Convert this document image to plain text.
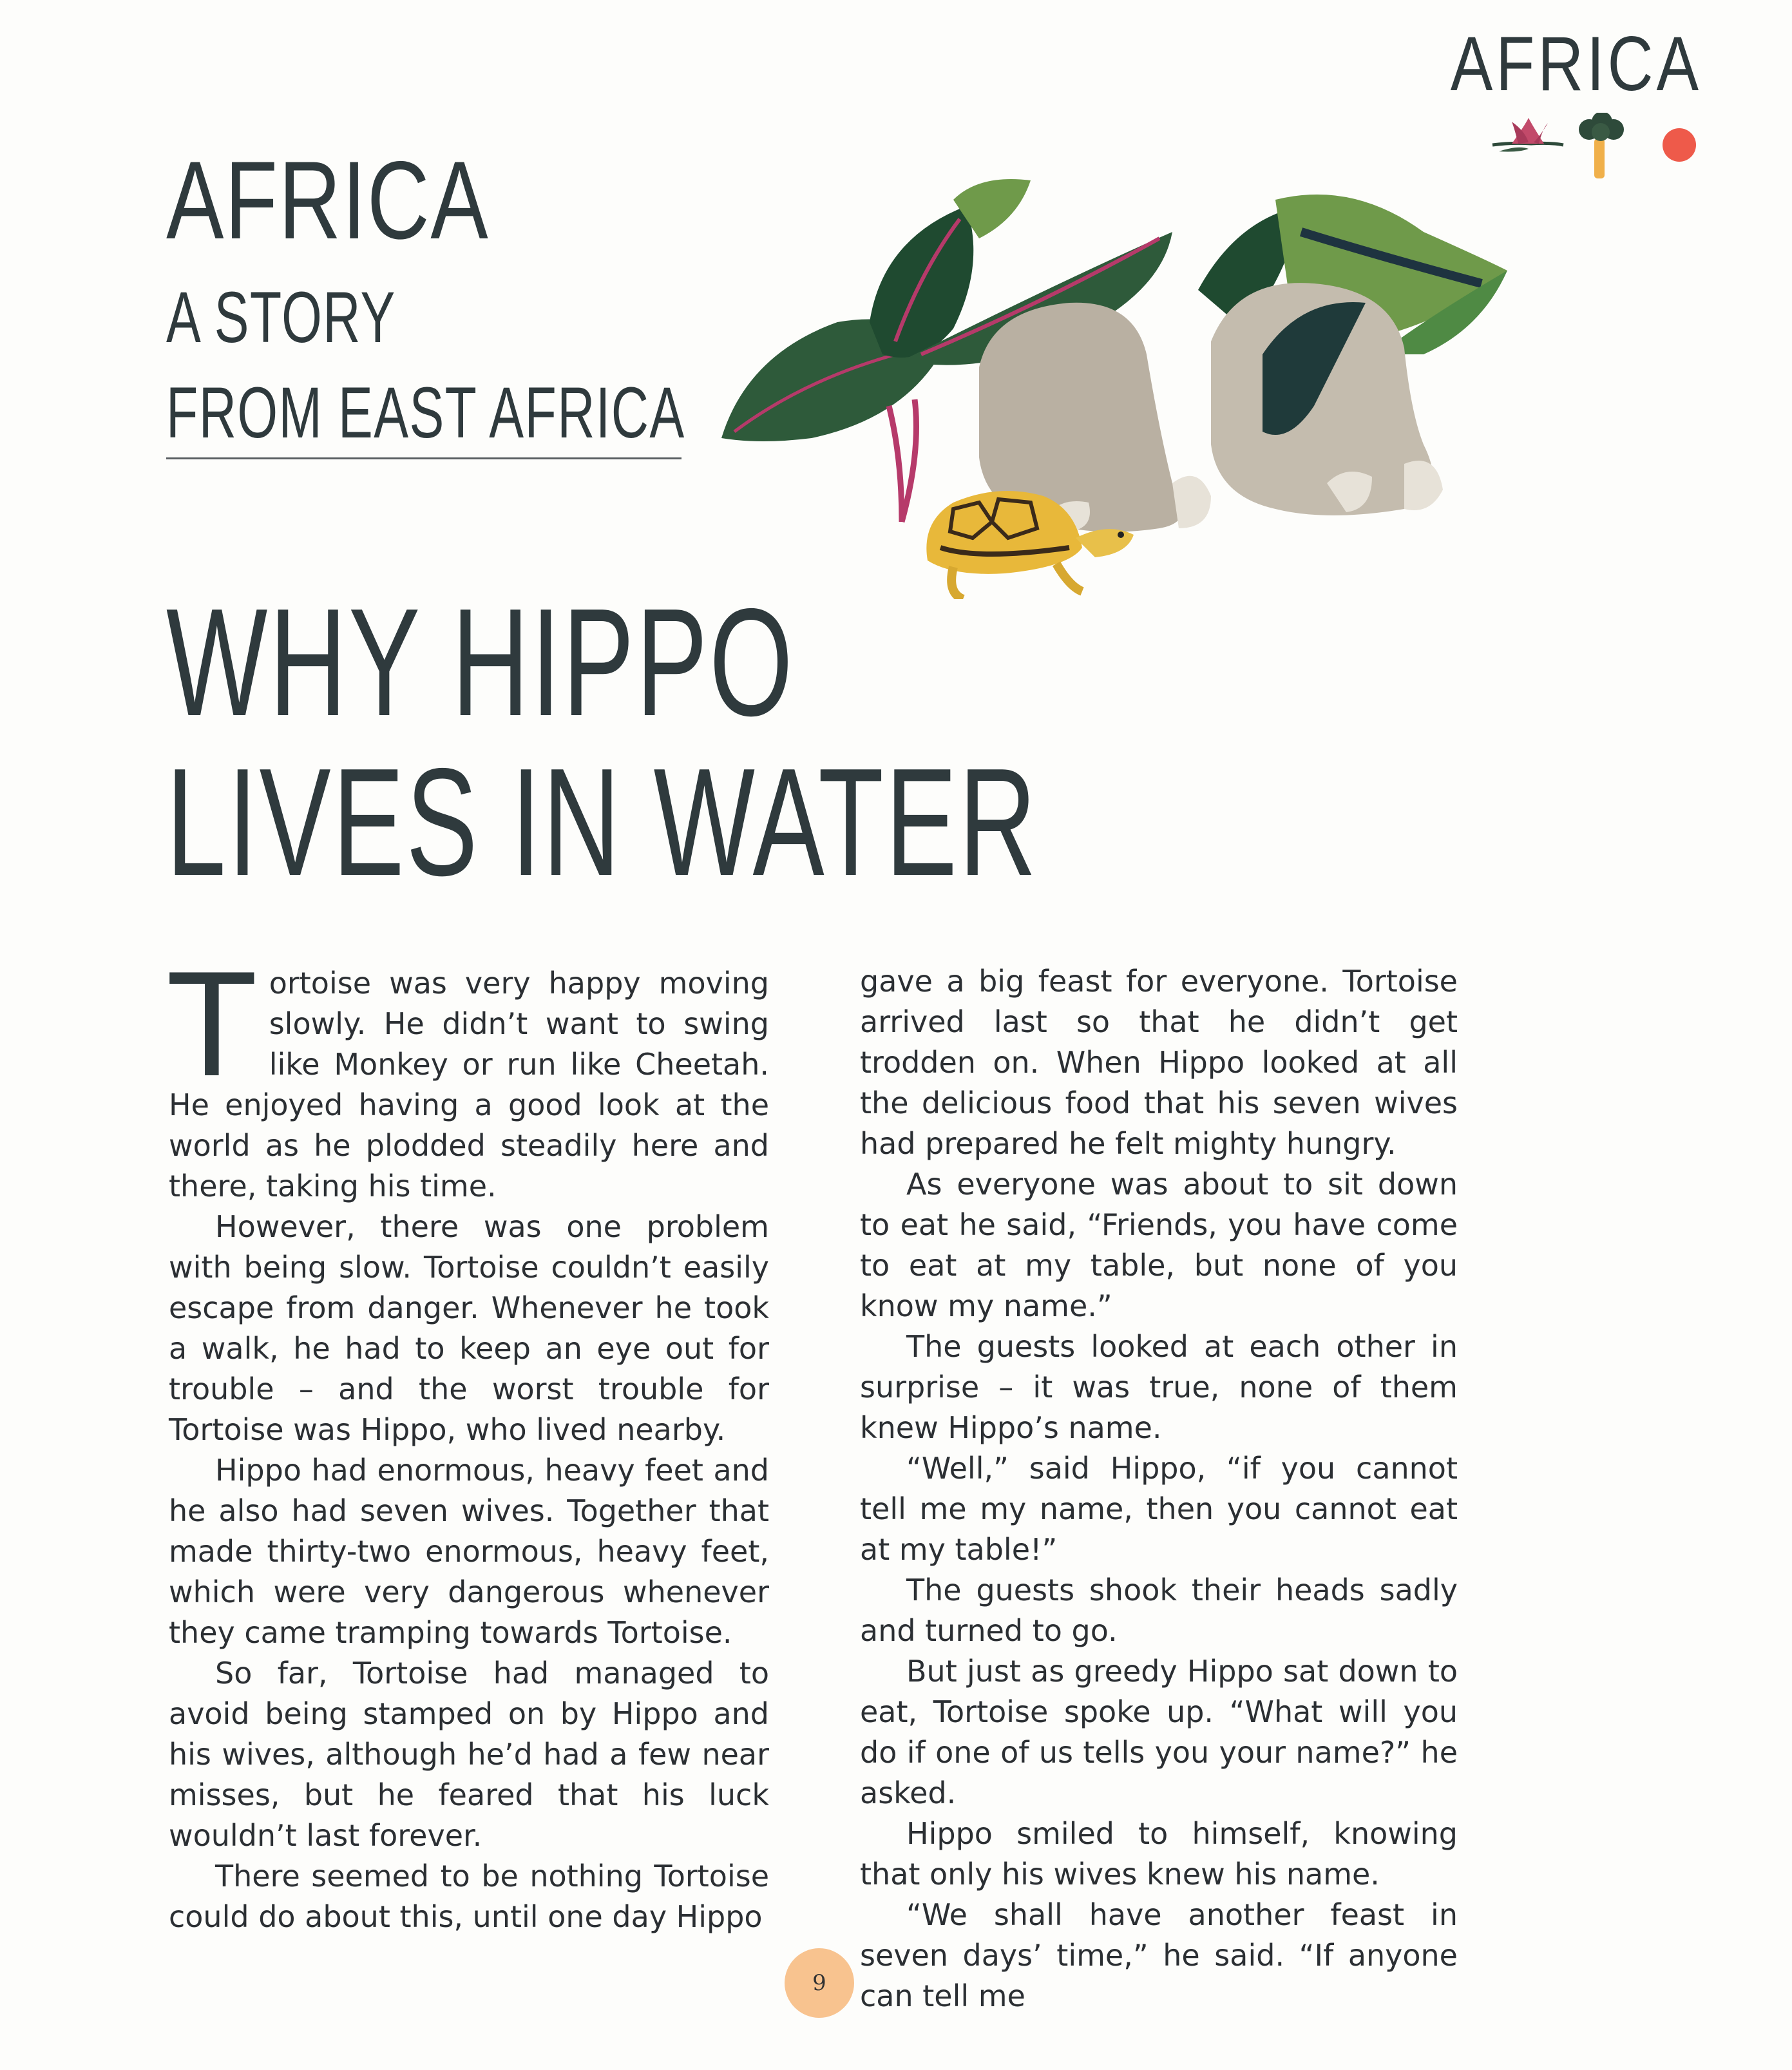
AFRICA
AFRICA
A STORY
FROM EAST AFRICA
WHY HIPPO
LIVES IN WATER

Tortoise was very happy moving slowly. He didn’t want to swing like Monkey or run like Cheetah. He enjoyed having a good look at the world as he plodded steadily here and there, taking his time.

However, there was one problem with being slow. Tortoise couldn’t easily escape from danger. Whenever he took a walk, he had to keep an eye out for trouble – and the worst trouble for Tortoise was Hippo, who lived nearby.

Hippo had enormous, heavy feet and he also had seven wives. Together that made thirty-two enormous, heavy feet, which were very dangerous whenever they came tramping towards Tortoise.

So far, Tortoise had managed to avoid being stamped on by Hippo and his wives, although he’d had a few near misses, but he feared that his luck wouldn’t last forever.

There seemed to be nothing Tortoise could do about this, until one day Hippo

gave a big feast for everyone. Tortoise arrived last so that he didn’t get trodden on. When Hippo looked at all the delicious food that his seven wives had prepared he felt mighty hungry.

As everyone was about to sit down to eat he said, “Friends, you have come to eat at my table, but none of you know my name.”

The guests looked at each other in surprise – it was true, none of them knew Hippo’s name.

“Well,” said Hippo, “if you cannot tell me my name, then you cannot eat at my table!”

The guests shook their heads sadly and turned to go.

But just as greedy Hippo sat down to eat, Tortoise spoke up. “What will you do if one of us tells you your name?” he asked.

Hippo smiled to himself, knowing that only his wives knew his name.

“We shall have another feast in seven days’ time,” he said. “If anyone can tell me

9
